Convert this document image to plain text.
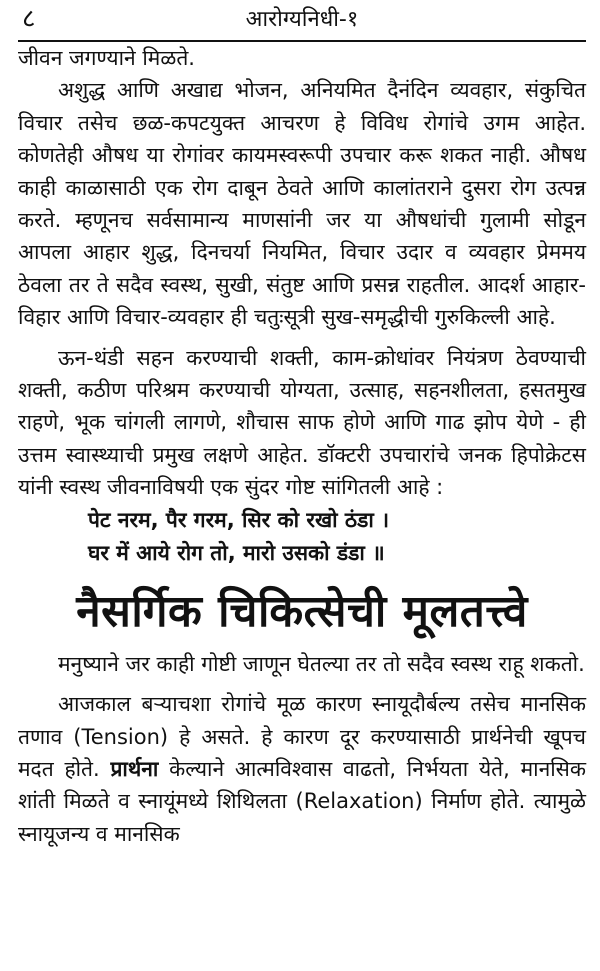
८	आरोग्यनिधी-१

जीवन जगण्याने मिळते.

अशुद्ध आणि अखाद्य भोजन, अनियमित दैनंदिन व्यवहार, संकुचित विचार तसेच छळ-कपटयुक्त आचरण हे विविध रोगांचे उगम आहेत. कोणतेही औषध या रोगांवर कायमस्वरूपी उपचार करू शकत नाही. औषध काही काळासाठी एक रोग दाबून ठेवते आणि कालांतराने दुसरा रोग उत्पन्न करते. म्हणूनच सर्वसामान्य माणसांनी जर या औषधांची गुलामी सोडून आपला आहार शुद्ध, दिनचर्या नियमित, विचार उदार व व्यवहार प्रेममय ठेवला तर ते सदैव स्वस्थ, सुखी, संतुष्ट आणि प्रसन्न राहतील. आदर्श आहार-विहार आणि विचार-व्यवहार ही चतुःसूत्री सुख-समृद्धीची गुरुकिल्ली आहे.

ऊन-थंडी सहन करण्याची शक्ती, काम-क्रोधांवर नियंत्रण ठेवण्याची शक्ती, कठीण परिश्रम करण्याची योग्यता, उत्साह, सहनशीलता, हसतमुख राहणे, भूक चांगली लागणे, शौचास साफ होणे आणि गाढ झोप येणे - ही उत्तम स्वास्थ्याची प्रमुख लक्षणे आहेत. डॉक्टरी उपचारांचे जनक हिपोक्रेटस यांनी स्वस्थ जीवनाविषयी एक सुंदर गोष्ट सांगितली आहे :

पेट नरम, पैर गरम, सिर को रखो ठंडा ।

घर में आये रोग तो, मारो उसको डंडा ॥

नैसर्गिक चिकित्सेची मूलतत्त्वे

मनुष्याने जर काही गोष्टी जाणून घेतल्या तर तो सदैव स्वस्थ राहू शकतो.

आजकाल बऱ्याचशा रोगांचे मूळ कारण स्नायूदौर्बल्य तसेच मानसिक तणाव (Tension) हे असते. हे कारण दूर करण्यासाठी प्रार्थनेची खूपच मदत होते. प्रार्थना केल्याने आत्मविश्वास वाढतो, निर्भयता येते, मानसिक शांती मिळते व स्नायूंमध्ये शिथिलता (Relaxation) निर्माण होते. त्यामुळे स्नायूजन्य व मानसिक
